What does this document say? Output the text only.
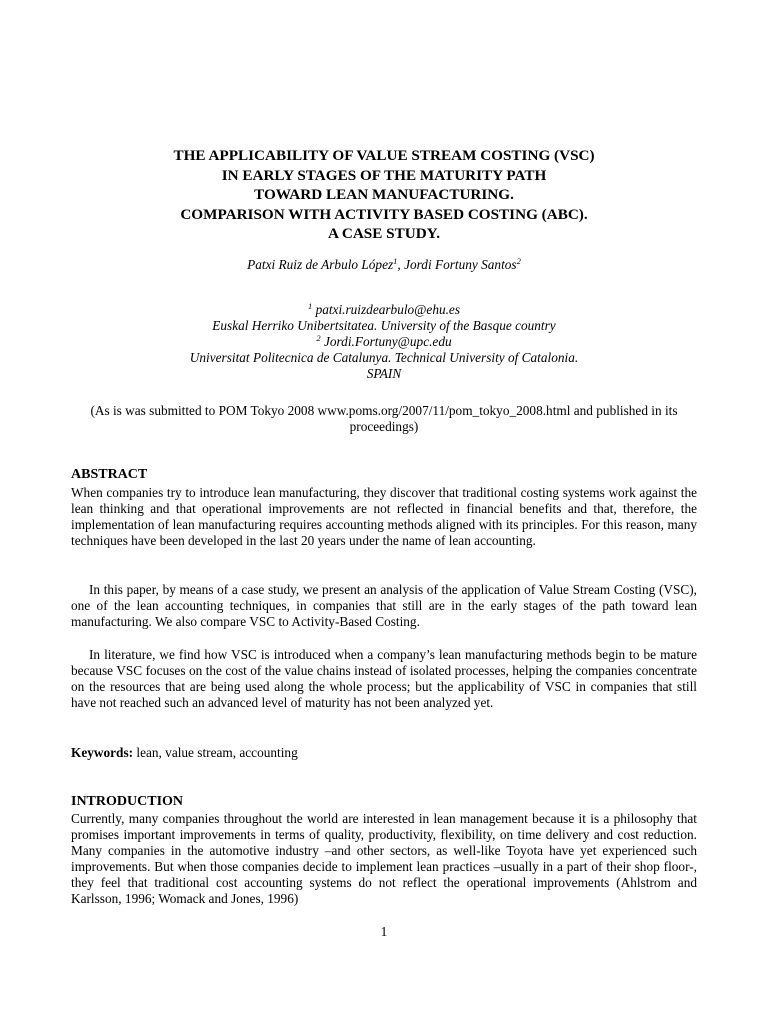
THE APPLICABILITY OF VALUE STREAM COSTING (VSC)
IN EARLY STAGES OF THE MATURITY PATH
TOWARD LEAN MANUFACTURING.
COMPARISON WITH ACTIVITY BASED COSTING (ABC).
A CASE STUDY.
Patxi Ruiz de Arbulo López$^1$, Jordi Fortuny Santos$^2$
$^1$ patxi.ruizdearbulo@ehu.es
Euskal Herriko Unibertsitatea. University of the Basque country
$^2$ Jordi.Fortuny@upc.edu
Universitat Politecnica de Catalunya. Technical University of Catalonia.
SPAIN
(As is was submitted to POM Tokyo 2008 www.poms.org/2007/11/pom_tokyo_2008.html and published in its proceedings)
ABSTRACT
When companies try to introduce lean manufacturing, they discover that traditional costing systems work against the lean thinking and that operational improvements are not reflected in financial benefits and that, therefore, the implementation of lean manufacturing requires accounting methods aligned with its principles. For this reason, many techniques have been developed in the last 20 years under the name of lean accounting.
In this paper, by means of a case study, we present an analysis of the application of Value Stream Costing (VSC), one of the lean accounting techniques, in companies that still are in the early stages of the path toward lean manufacturing. We also compare VSC to Activity-Based Costing.
In literature, we find how VSC is introduced when a company’s lean manufacturing methods begin to be mature because VSC focuses on the cost of the value chains instead of isolated processes, helping the companies concentrate on the resources that are being used along the whole process; but the applicability of VSC in companies that still have not reached such an advanced level of maturity has not been analyzed yet.
Keywords: lean, value stream, accounting
INTRODUCTION
Currently, many companies throughout the world are interested in lean management because it is a philosophy that promises important improvements in terms of quality, productivity, flexibility, on time delivery and cost reduction. Many companies in the automotive industry –and other sectors, as well-like Toyota have yet experienced such improvements. But when those companies decide to implement lean practices –usually in a part of their shop floor-, they feel that traditional cost accounting systems do not reflect the operational improvements (Ahlstrom and Karlsson, 1996; Womack and Jones, 1996)
1
